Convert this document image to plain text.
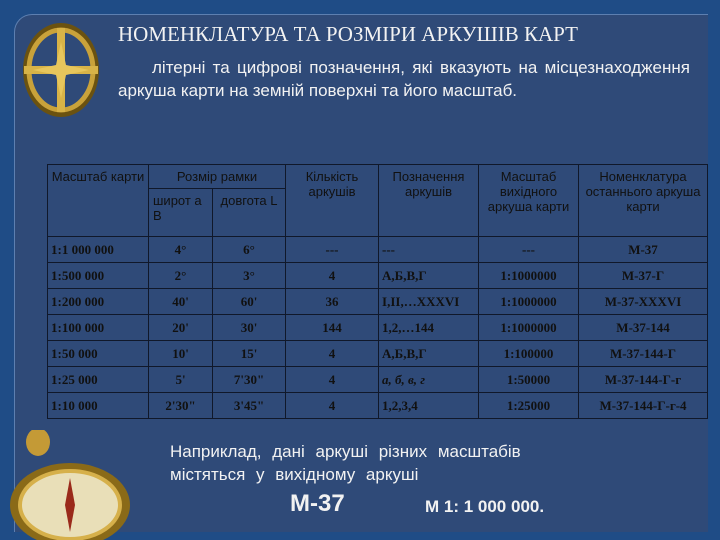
НОМЕНКЛАТУРА ТА РОЗМІРИ АРКУШІВ КАРТ

літерні та цифрові позначення, які вказують на місцезнаходження аркуша карти на земній поверхні та його масштаб.

Масштаб карти	Розмір рамки		Кількість аркушів	Позначення аркушів	Масштаб вихідного аркуша карти	Номенклатура останнього аркуша карти
	широт а В	довгота L				
1:1 000 000	4°	6°	---	---	---	М-37
1:500 000	2°	3°	4	А,Б,В,Г	1:1000000	М-37-Г
1:200 000	40'	60'	36	I,II,…XXXVI	1:1000000	М-37-XXXVI
1:100 000	20'	30'	144	1,2,…144	1:1000000	М-37-144
1:50 000	10'	15'	4	А,Б,В,Г	1:100000	М-37-144-Г
1:25 000	5'	7'30"	4	а, б, в, г	1:50000	М-37-144-Г-г
1:10 000	2'30"	3'45"	4	1,2,3,4	1:25000	М-37-144-Г-г-4
Наприклад, дані аркуші різних масштабів
містяться у вихідному аркуші
М-37	М 1: 1 000 000.
